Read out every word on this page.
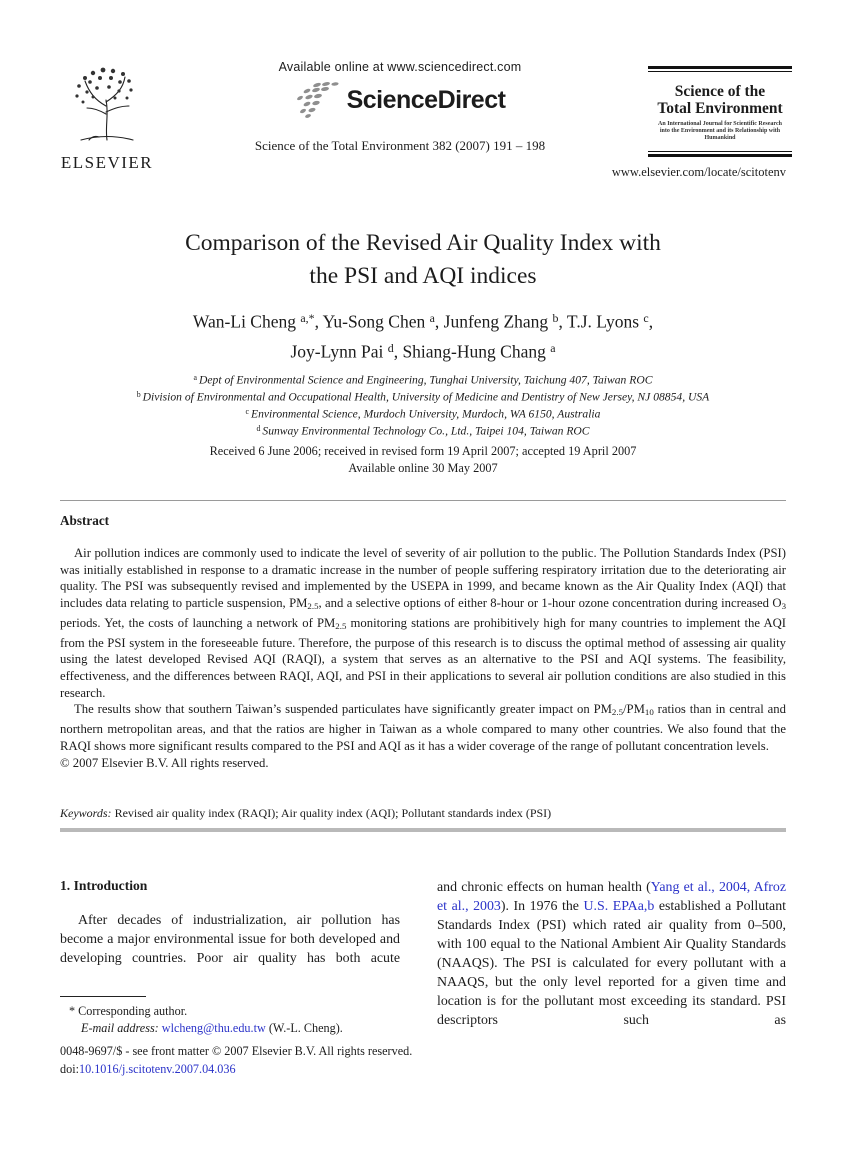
ELSEVIER
Available online at www.sciencedirect.com
ScienceDirect
Science of the Total Environment 382 (2007) 191 – 198
Science of the
Total Environment
An International Journal for Scientific Research
into the Environment and its Relationship with Humankind
www.elsevier.com/locate/scitotenv
Comparison of the Revised Air Quality Index with
the PSI and AQI indices
Wan-Li Cheng $^{a,*}$, Yu-Song Chen $^a$, Junfeng Zhang $^b$, T.J. Lyons $^c$,
Joy-Lynn Pai $^d$, Shiang-Hung Chang $^a$
$^a$ Dept of Environmental Science and Engineering, Tunghai University, Taichung 407, Taiwan ROC
$^b$ Division of Environmental and Occupational Health, University of Medicine and Dentistry of New Jersey, NJ 08854, USA
$^c$ Environmental Science, Murdoch University, Murdoch, WA 6150, Australia
$^d$ Sunway Environmental Technology Co., Ltd., Taipei 104, Taiwan ROC
Received 6 June 2006; received in revised form 19 April 2007; accepted 19 April 2007
Available online 30 May 2007
Abstract

Air pollution indices are commonly used to indicate the level of severity of air pollution to the public. The Pollution Standards Index (PSI) was initially established in response to a dramatic increase in the number of people suffering respiratory irritation due to the deteriorating air quality. The PSI was subsequently revised and implemented by the USEPA in 1999, and became known as the Air Quality Index (AQI) that includes data relating to particle suspension, $PM_{2.5}$, and a selective options of either 8-hour or 1-hour ozone concentration during increased $O_3$ periods. Yet, the costs of launching a network of $PM_{2.5}$ monitoring stations are prohibitively high for many countries to implement the AQI from the PSI system in the foreseeable future. Therefore, the purpose of this research is to discuss the optimal method of assessing air quality using the latest developed Revised AQI (RAQI), a system that serves as an alternative to the PSI and AQI systems. The feasibility, effectiveness, and the differences between RAQI, AQI, and PSI in their applications to several air pollution conditions are also studied in this research.

The results show that southern Taiwan’s suspended particulates have significantly greater impact on $PM_{2.5}/PM_{10}$ ratios than in central and northern metropolitan areas, and that the ratios are higher in Taiwan as a whole compared to many other countries. We also found that the RAQI shows more significant results compared to the PSI and AQI as it has a wider coverage of the range of pollutant concentration levels.

© 2007 Elsevier B.V. All rights reserved.

Keywords: Revised air quality index (RAQI); Air quality index (AQI); Pollutant standards index (PSI)
1. Introduction

After decades of industrialization, air pollution has become a major environmental issue for both developed and developing countries. Poor air quality has both acute

and chronic effects on human health (Yang et al., 2004, Afroz et al., 2003). In 1976 the U.S. EPAa,b established a Pollutant Standards Index (PSI) which rated air quality from 0–500, with 100 equal to the National Ambient Air Quality Standards (NAAQS). The PSI is calculated for every pollutant with a NAAQS, but the only level reported for a given time and location is for the pollutant most exceeding its standard. PSI descriptors such as

* Corresponding author.
E-mail address: wlcheng@thu.edu.tw (W.-L. Cheng).
0048-9697/$ - see front matter © 2007 Elsevier B.V. All rights reserved.
doi:10.1016/j.scitotenv.2007.04.036
